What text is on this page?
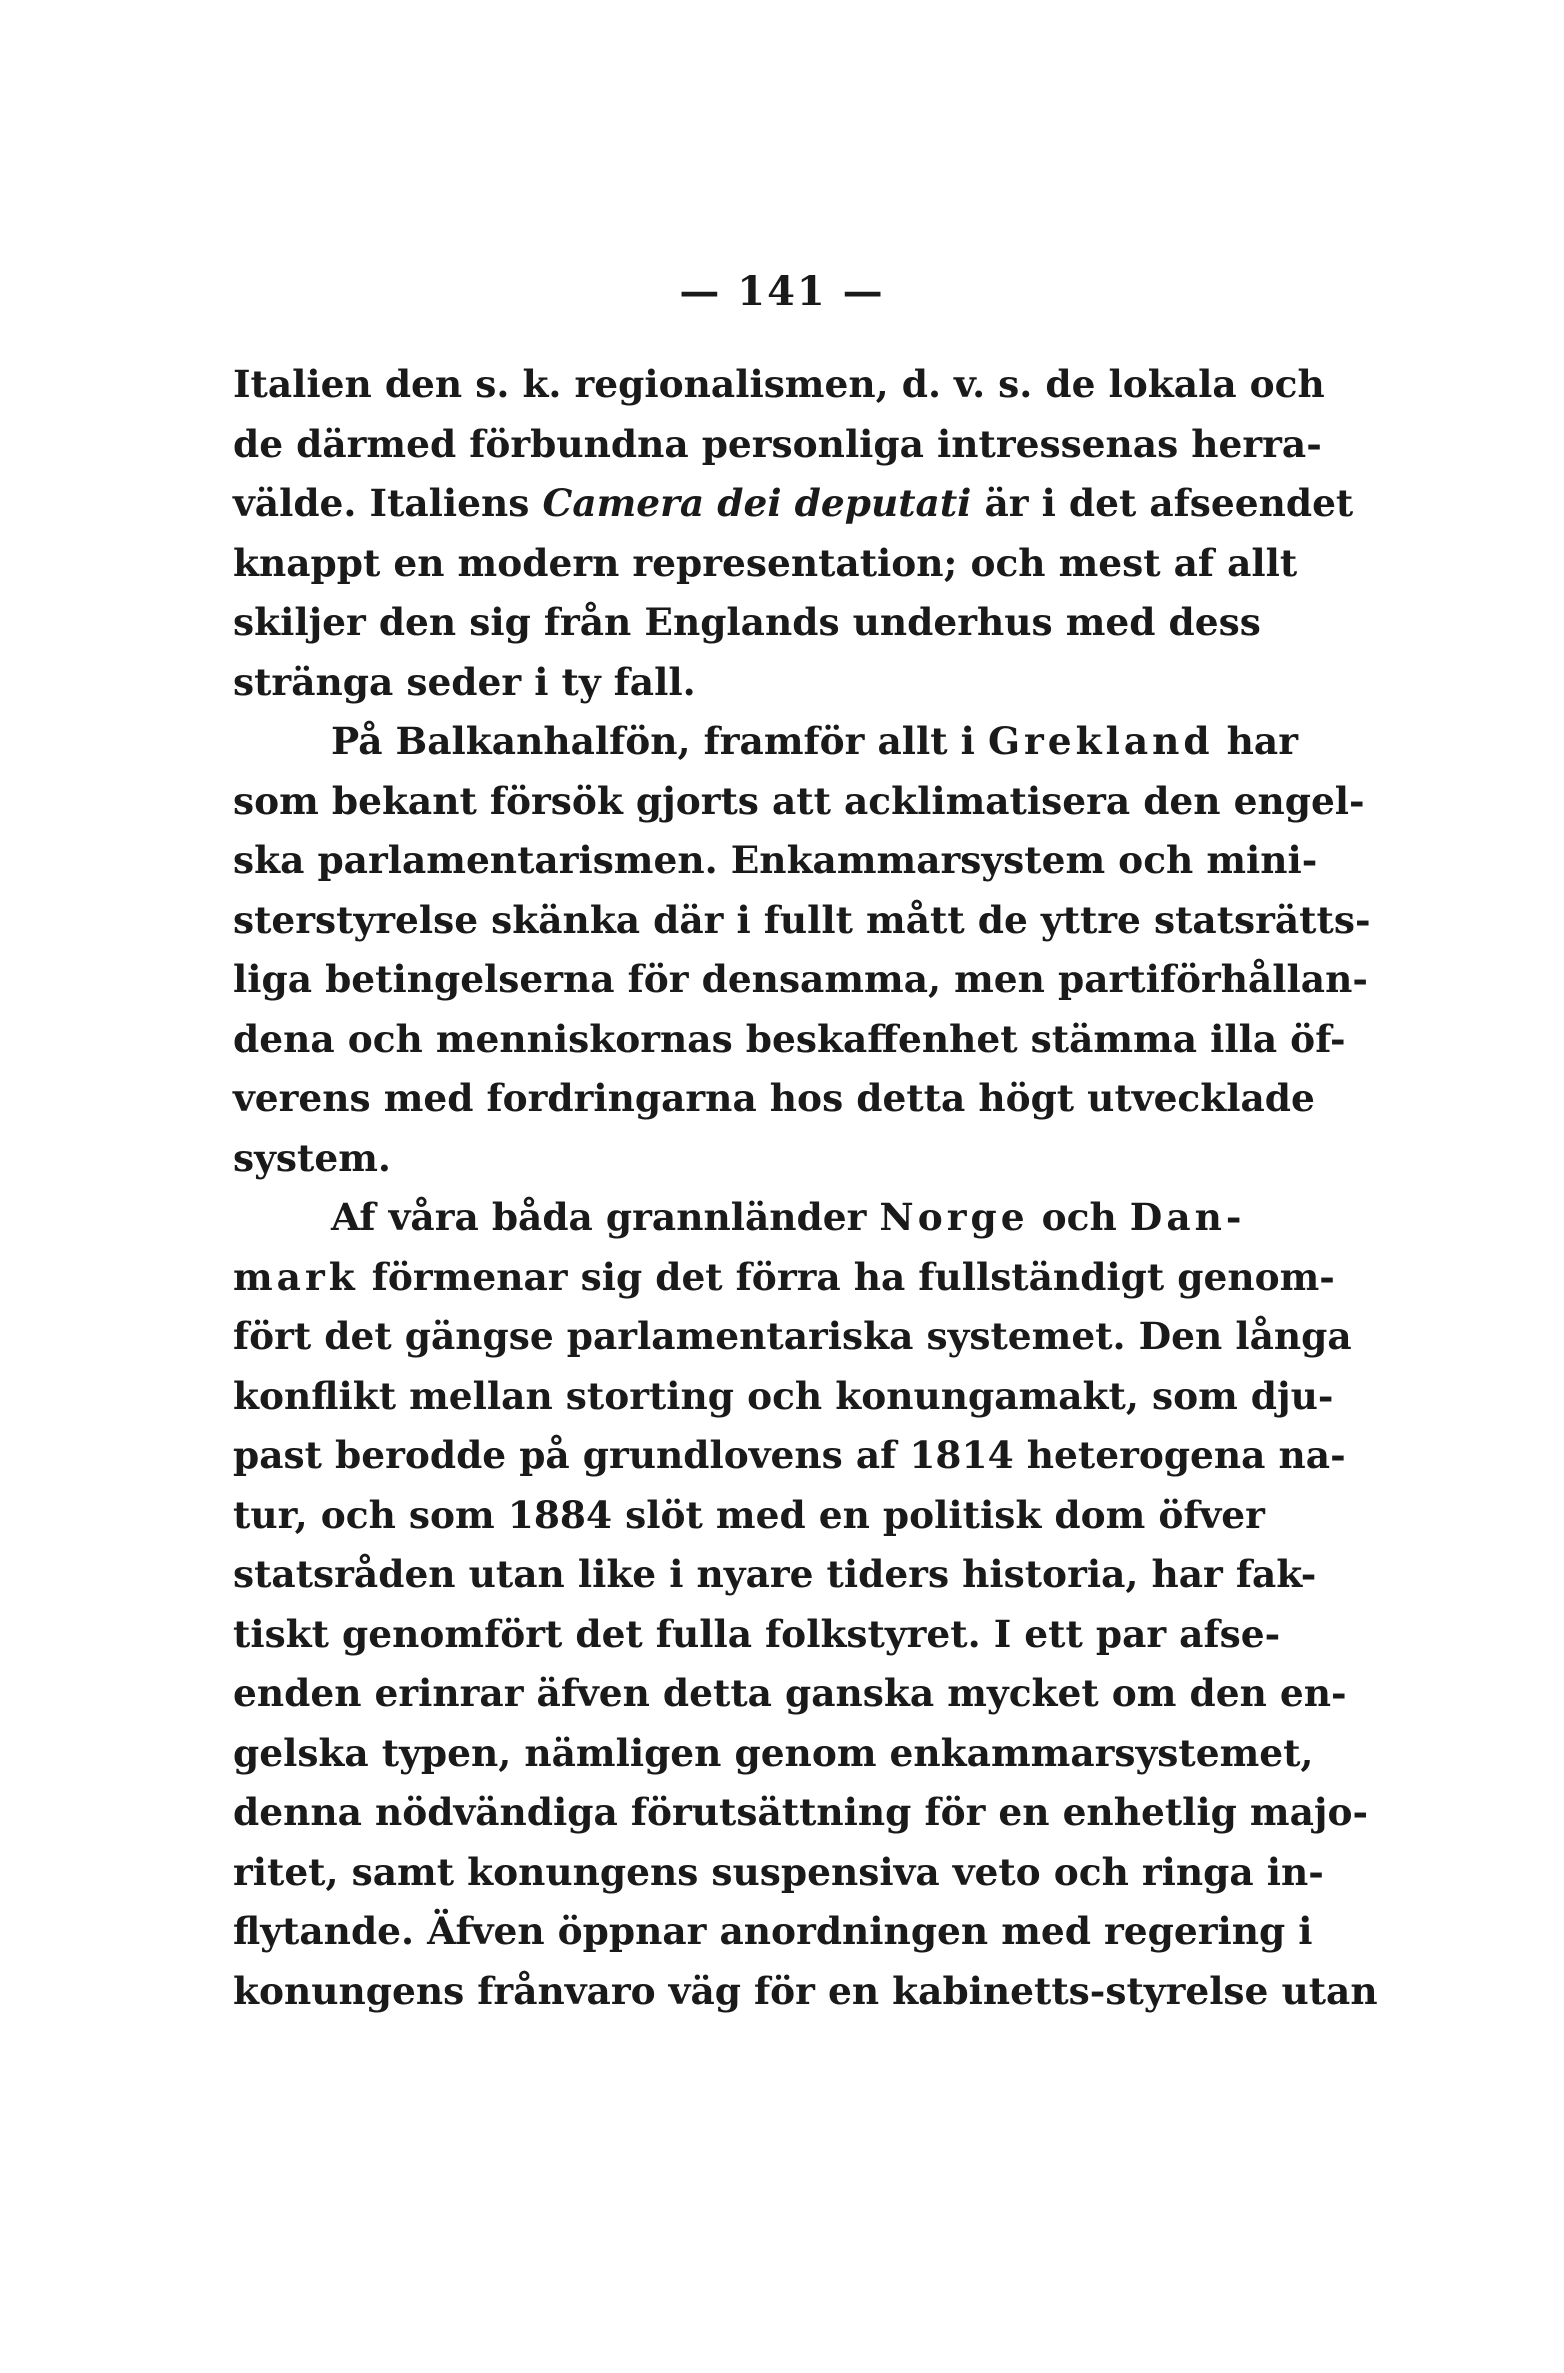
— 141 —
Italien den s. k. regionalismen, d. v. s. de lokala och
de därmed förbundna personliga intressenas herra-
välde. Italiens Camera dei deputati är i det afseendet
knappt en modern representation; och mest af allt
skiljer den sig från Englands underhus med dess
stränga seder i ty fall.
På Balkanhalfön, framför allt i Grekland har
som bekant försök gjorts att acklimatisera den engel-
ska parlamentarismen. Enkammarsystem och mini-
sterstyrelse skänka där i fullt mått de yttre statsrätts-
liga betingelserna för densamma, men partiförhållan-
dena och menniskornas beskaffenhet stämma illa öf-
verens med fordringarna hos detta högt utvecklade
system.
Af våra båda grannländer Norge och Dan-
mark förmenar sig det förra ha fullständigt genom-
fört det gängse parlamentariska systemet. Den långa
konflikt mellan storting och konungamakt, som dju-
past berodde på grundlovens af 1814 heterogena na-
tur, och som 1884 slöt med en politisk dom öfver
statsråden utan like i nyare tiders historia, har fak-
tiskt genomfört det fulla folkstyret. I ett par afse-
enden erinrar äfven detta ganska mycket om den en-
gelska typen, nämligen genom enkammarsystemet,
denna nödvändiga förutsättning för en enhetlig majo-
ritet, samt konungens suspensiva veto och ringa in-
flytande. Äfven öppnar anordningen med regering i
konungens frånvaro väg för en kabinetts-styrelse utan
